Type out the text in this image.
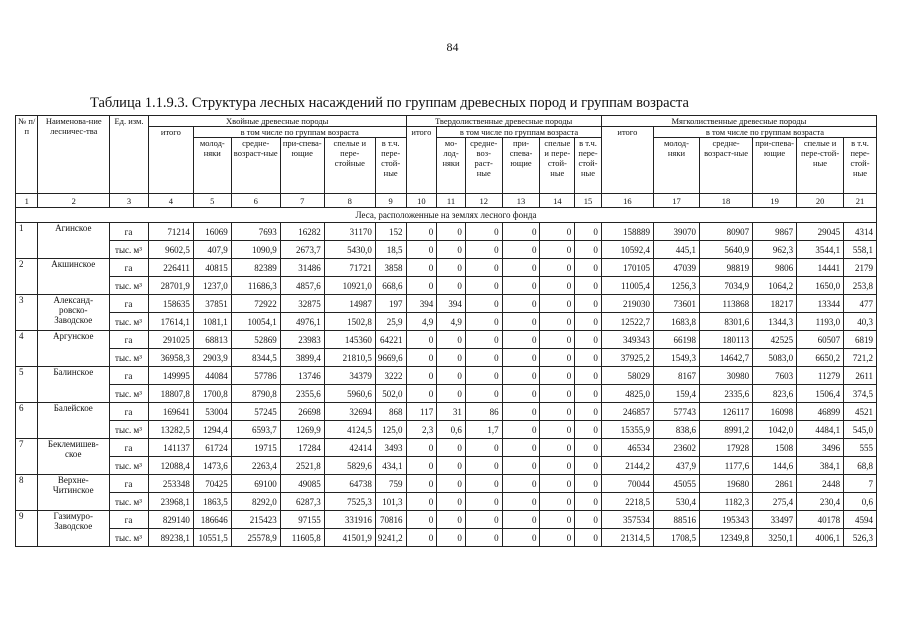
84
Таблица 1.1.9.3. Структура лесных насаждений по группам древесных пород и группам возраста
№ п/п	Наименова-ние лесничес-тва	Ед. изм.	Хвойные древесные породы						Твердолиственные древесные породы						Мягколиственные древесные породы					
			итого	в том числе по группам возраста					итого	в том числе по группам возраста					итого	в том числе по группам возраста				
				молод-няки	средне-возраст-ные	при-спева-ющие	спелые и пере-стойные	в т.ч. пере-стой-ные		мо-лод-няки	средне-воз-раст-ные	при-спева-ющие	спелые и пере-стой-ные	в т.ч. пере-стой-ные		молод-няки	средне-возраст-ные	при-спева-ющие	спелые и пере-стой-ные	в т.ч. пере-стой-ные
1	2	3	4	5	6	7	8	9	10	11	12	13	14	15	16	17	18	19	20	21
Леса, расположенные на землях лесного фонда																				
1	Агинское	га	71214	16069	7693	16282	31170	152	0	0	0	0	0	0	158889	39070	80907	9867	29045	4314
		тыс. м³	9602,5	407,9	1090,9	2673,7	5430,0	18,5	0	0	0	0	0	0	10592,4	445,1	5640,9	962,3	3544,1	558,1
2	Акшинское	га	226411	40815	82389	31486	71721	3858	0	0	0	0	0	0	170105	47039	98819	9806	14441	2179
		тыс. м³	28701,9	1237,0	11686,3	4857,6	10921,0	668,6	0	0	0	0	0	0	11005,4	1256,3	7034,9	1064,2	1650,0	253,8
3	Александ-ровско-Заводское	га	158635	37851	72922	32875	14987	197	394	394	0	0	0	0	219030	73601	113868	18217	13344	477
		тыс. м³	17614,1	1081,1	10054,1	4976,1	1502,8	25,9	4,9	4,9	0	0	0	0	12522,7	1683,8	8301,6	1344,3	1193,0	40,3
4	Аргунское	га	291025	68813	52869	23983	145360	64221	0	0	0	0	0	0	349343	66198	180113	42525	60507	6819
		тыс. м³	36958,3	2903,9	8344,5	3899,4	21810,5	9669,6	0	0	0	0	0	0	37925,2	1549,3	14642,7	5083,0	6650,2	721,2
5	Балинское	га	149995	44084	57786	13746	34379	3222	0	0	0	0	0	0	58029	8167	30980	7603	11279	2611
		тыс. м³	18807,8	1700,8	8790,8	2355,6	5960,6	502,0	0	0	0	0	0	0	4825,0	159,4	2335,6	823,6	1506,4	374,5
6	Балейское	га	169641	53004	57245	26698	32694	868	117	31	86	0	0	0	246857	57743	126117	16098	46899	4521
		тыс. м³	13282,5	1294,4	6593,7	1269,9	4124,5	125,0	2,3	0,6	1,7	0	0	0	15355,9	838,6	8991,2	1042,0	4484,1	545,0
7	Беклемишев-ское	га	141137	61724	19715	17284	42414	3493	0	0	0	0	0	0	46534	23602	17928	1508	3496	555
		тыс. м³	12088,4	1473,6	2263,4	2521,8	5829,6	434,1	0	0	0	0	0	0	2144,2	437,9	1177,6	144,6	384,1	68,8
8	Верхне-Читинское	га	253348	70425	69100	49085	64738	759	0	0	0	0	0	0	70044	45055	19680	2861	2448	7
		тыс. м³	23968,1	1863,5	8292,0	6287,3	7525,3	101,3	0	0	0	0	0	0	2218,5	530,4	1182,3	275,4	230,4	0,6
9	Газимуро-Заводское	га	829140	186646	215423	97155	331916	70816	0	0	0	0	0	0	357534	88516	195343	33497	40178	4594
		тыс. м³	89238,1	10551,5	25578,9	11605,8	41501,9	9241,2	0	0	0	0	0	0	21314,5	1708,5	12349,8	3250,1	4006,1	526,3
